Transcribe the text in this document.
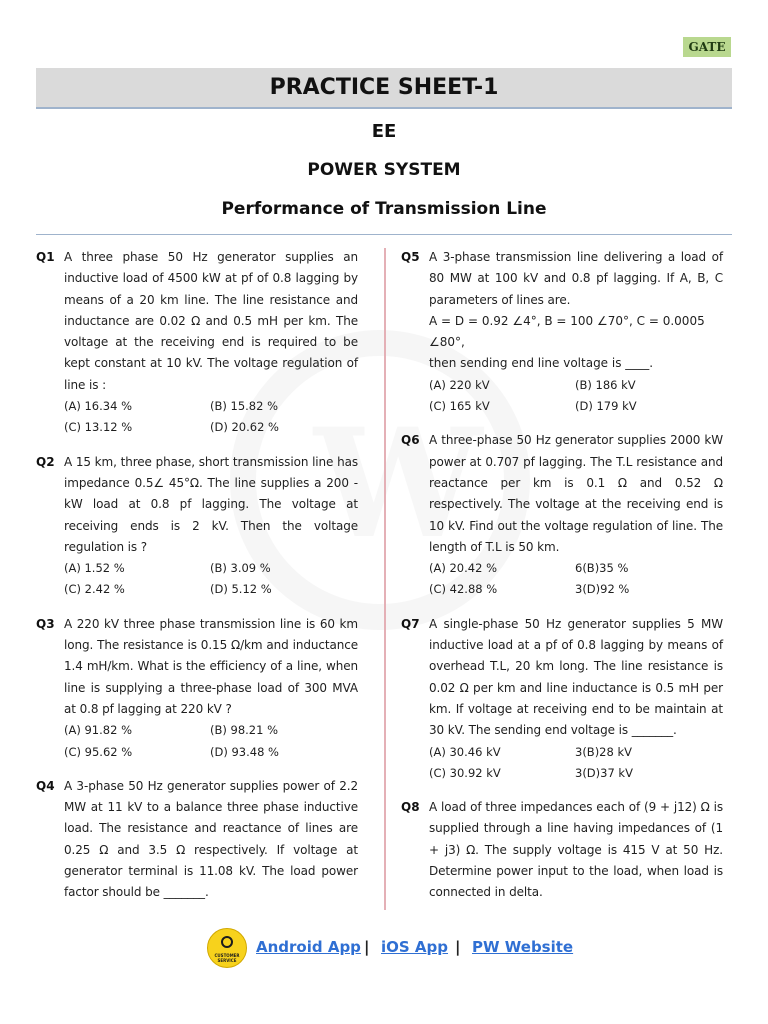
GATE
PRACTICE SHEET-1
EE
POWER SYSTEM
Performance of Transmission Line
W
Q1 A three phase 50 Hz generator supplies an inductive load of 4500 kW at pf of 0.8 lagging by means of a 20 km line. The line resistance and inductance are 0.02 Ω and 0.5 mH per km. The voltage at the receiving end is required to be kept constant at 10 kV. The voltage regulation of line is :
(A) 16.34 %	(B) 15.82 %
(C) 13.12 %	(D) 20.62 %
Q2 A 15 km, three phase, short transmission line has impedance 0.5∠ 45°Ω. The line supplies a 200 - kW load at 0.8 pf lagging. The voltage at receiving ends is 2 kV. Then the voltage regulation is ?
(A) 1.52 %	(B) 3.09 %
(C) 2.42 %	(D) 5.12 %
Q3 A 220 kV three phase transmission line is 60 km long. The resistance is 0.15 Ω/km and inductance 1.4 mH/km. What is the efficiency of a line, when line is supplying a three-phase load of 300 MVA at 0.8 pf lagging at 220 kV ?
(A) 91.82 %	(B) 98.21 %
(C) 95.62 %	(D) 93.48 %
Q4 A 3-phase 50 Hz generator supplies power of 2.2 MW at 11 kV to a balance three phase inductive load. The resistance and reactance of lines are 0.25 Ω and 3.5 Ω respectively. If voltage at generator terminal is 11.08 kV. The load power factor should be _______.
Q5 A 3-phase transmission line delivering a load of 80 MW at 100 kV and 0.8 pf lagging. If A, B, C parameters of lines are.
A = D = 0.92 ∠4°, B = 100 ∠70°, C = 0.0005 ∠80°,
then sending end line voltage is ____.
(A) 220 kV	(B) 186 kV
(C) 165 kV	(D) 179 kV
Q6 A three-phase 50 Hz generator supplies 2000 kW power at 0.707 pf lagging. The T.L resistance and reactance per km is 0.1 Ω and 0.52 Ω respectively. The voltage at the receiving end is 10 kV. Find out the voltage regulation of line. The length of T.L is 50 km.
(A) 20.42 %	6(B)35 %
(C) 42.88 %	3(D)92 %
Q7 A single-phase 50 Hz generator supplies 5 MW inductive load at a pf of 0.8 lagging by means of overhead T.L, 20 km long. The line resistance is 0.02 Ω per km and line inductance is 0.5 mH per km. If voltage at receiving end to be maintain at 30 kV. The sending end voltage is _______.
(A) 30.46 kV	3(B)28 kV
(C) 30.92 kV	3(D)37 kV
Q8 A load of three impedances each of (9 + j12) Ω is supplied through a line having impedances of (1 + j3) Ω. The supply voltage is 415 V at 50 Hz. Determine power input to the load, when load is connected in delta.
CUSTOMER SERVICE
Android App | iOS App | PW Website
